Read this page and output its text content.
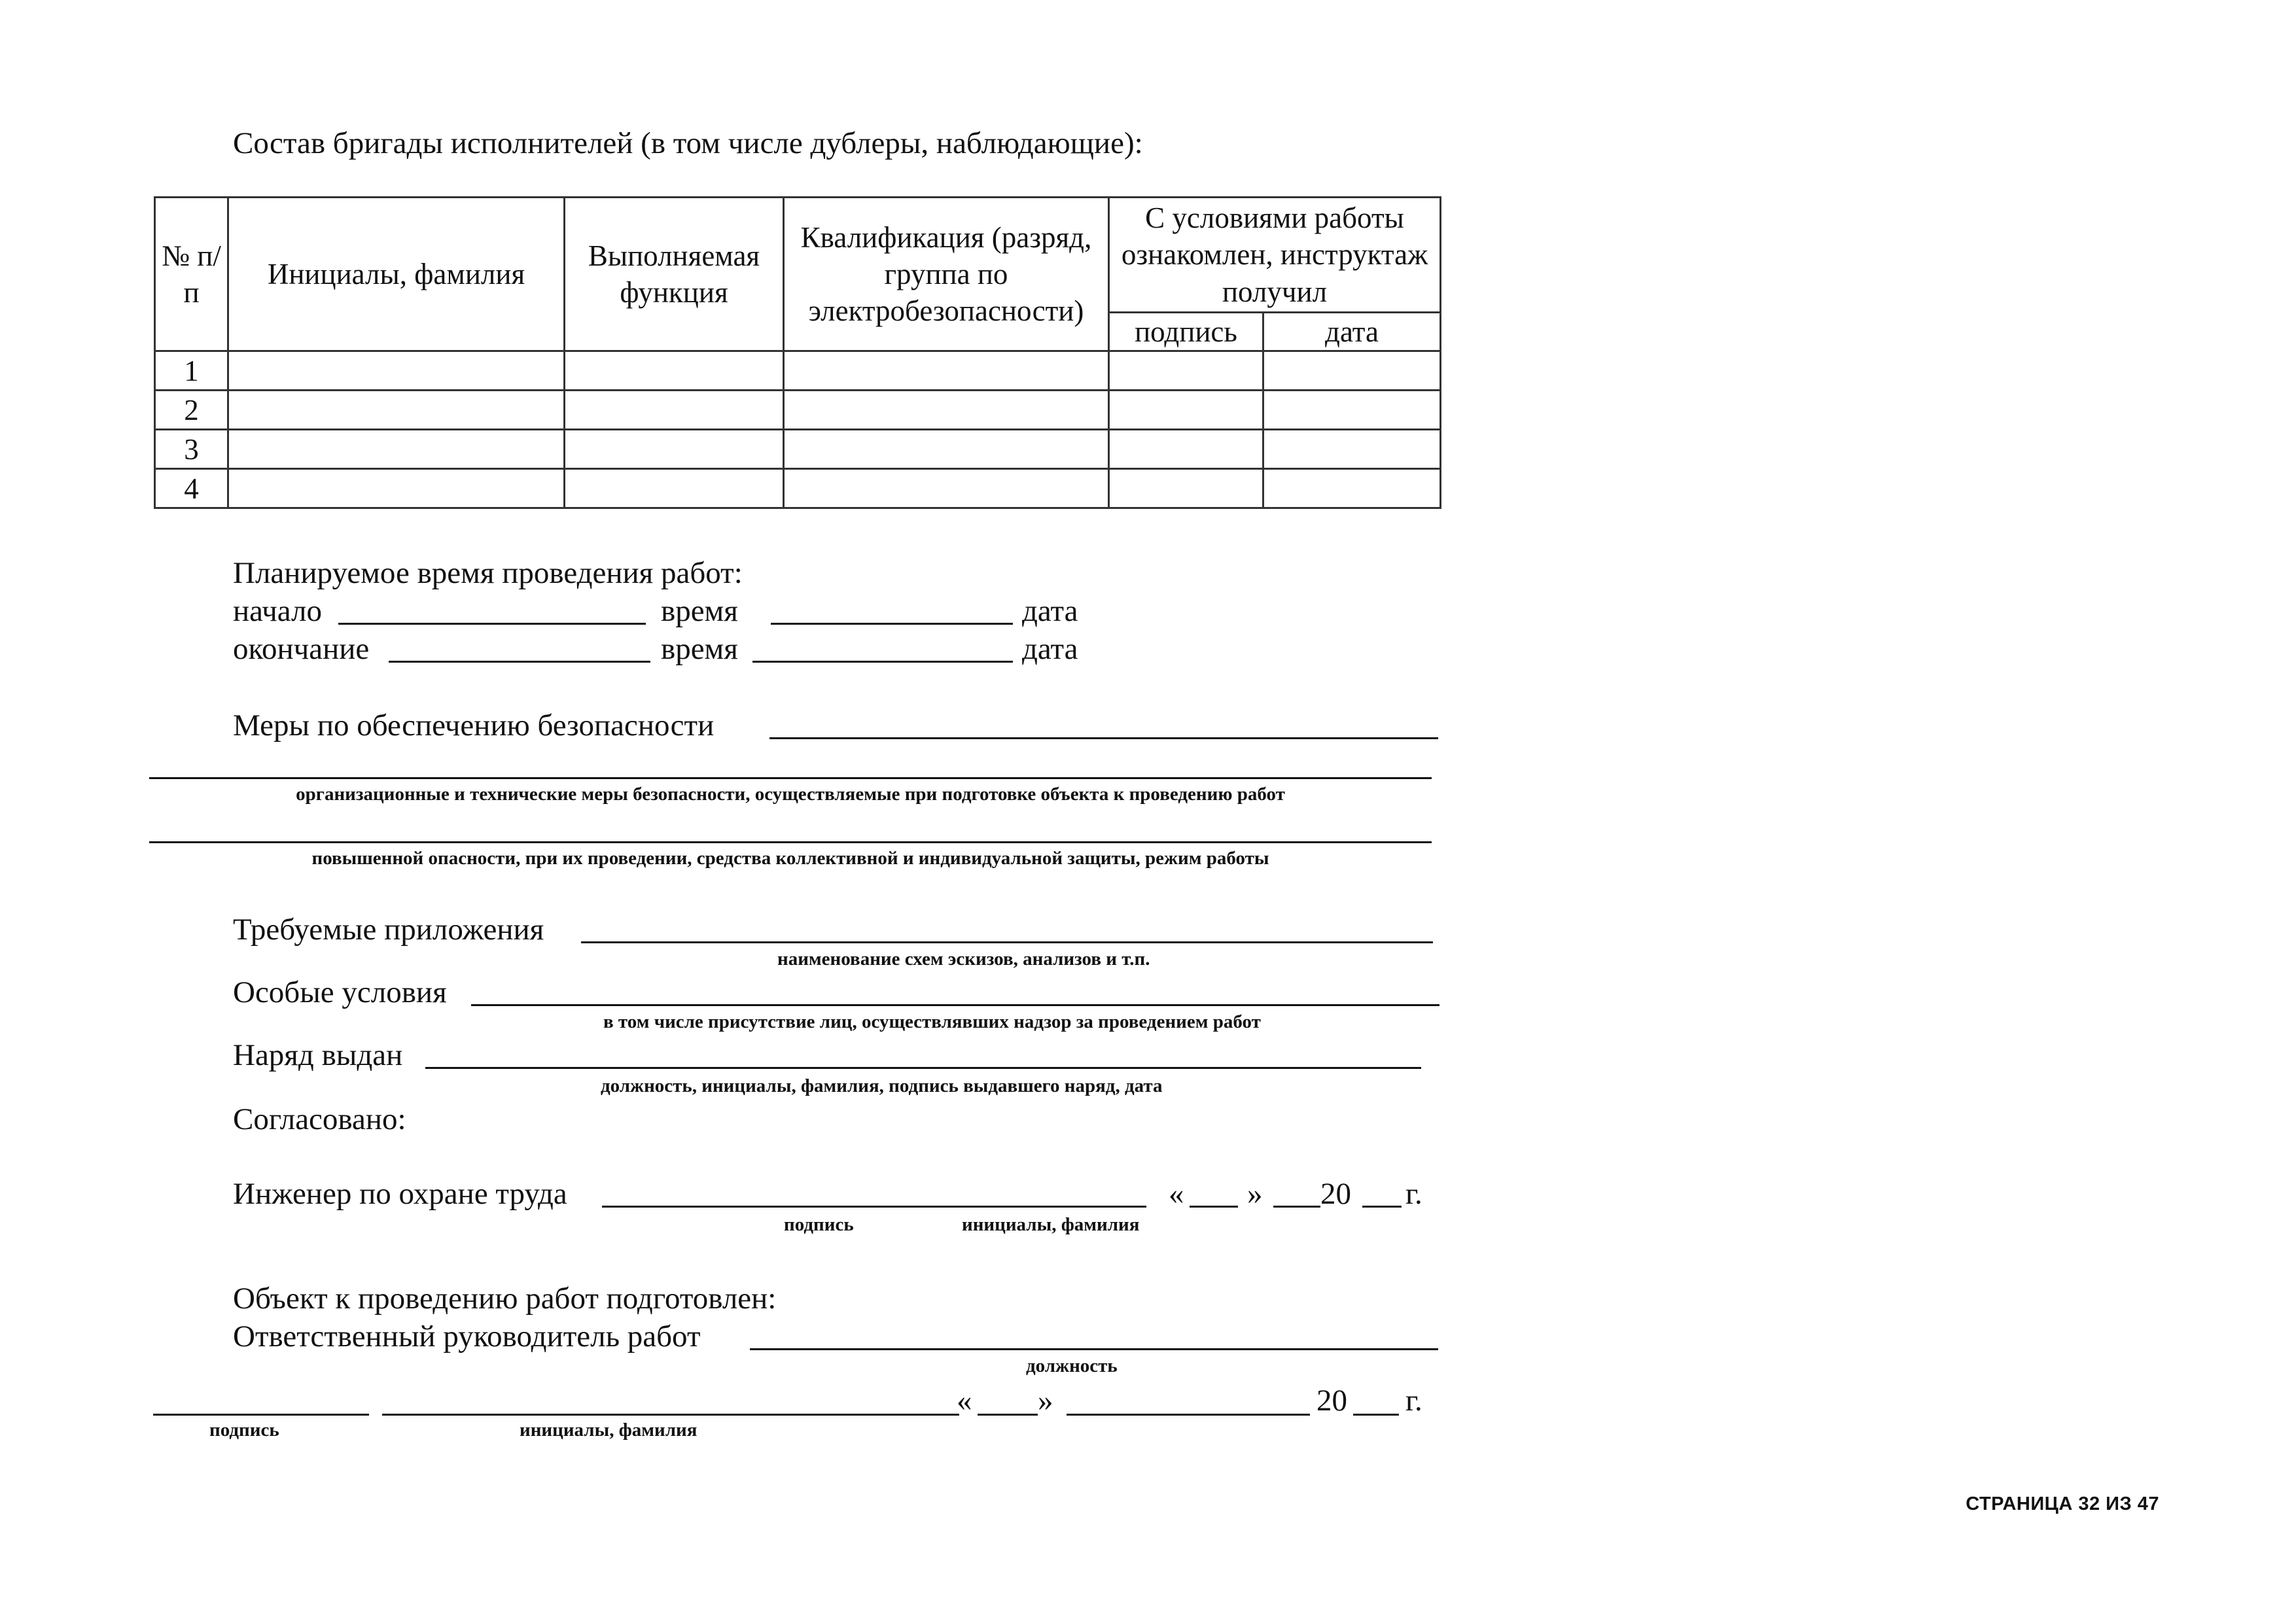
Состав бригады исполнителей (в том числе дублеры, наблюдающие):
№ п/п	Инициалы, фамилия	Выполняемая функция	Квалификация (разряд, группа по электробезопасности)	С условиями работы ознакомлен, инструктаж получил	
				подпись	дата
1					
2					
3					
4					
Планируемое время проведения работ:
начало	время	дата
окончание	время	дата
Меры по обеспечению безопасности
организационные и технические меры безопасности, осуществляемые при подготовке объекта к проведению работ
повышенной опасности, при их проведении, средства коллективной и индивидуальной защиты, режим работы
Требуемые приложения
наименование схем эскизов, анализов и т.п.
Особые условия
в том числе присутствие лиц, осуществлявших надзор за проведением работ
Наряд выдан
должность, инициалы, фамилия, подпись выдавшего наряд, дата
Согласовано:
Инженер по охране труда	« » 20 г.
подпись	инициалы, фамилия
Объект к проведению работ подготовлен:
Ответственный руководитель работ
должность
« »	20 г.
подпись	инициалы, фамилия
СТРАНИЦА 32 ИЗ 47
